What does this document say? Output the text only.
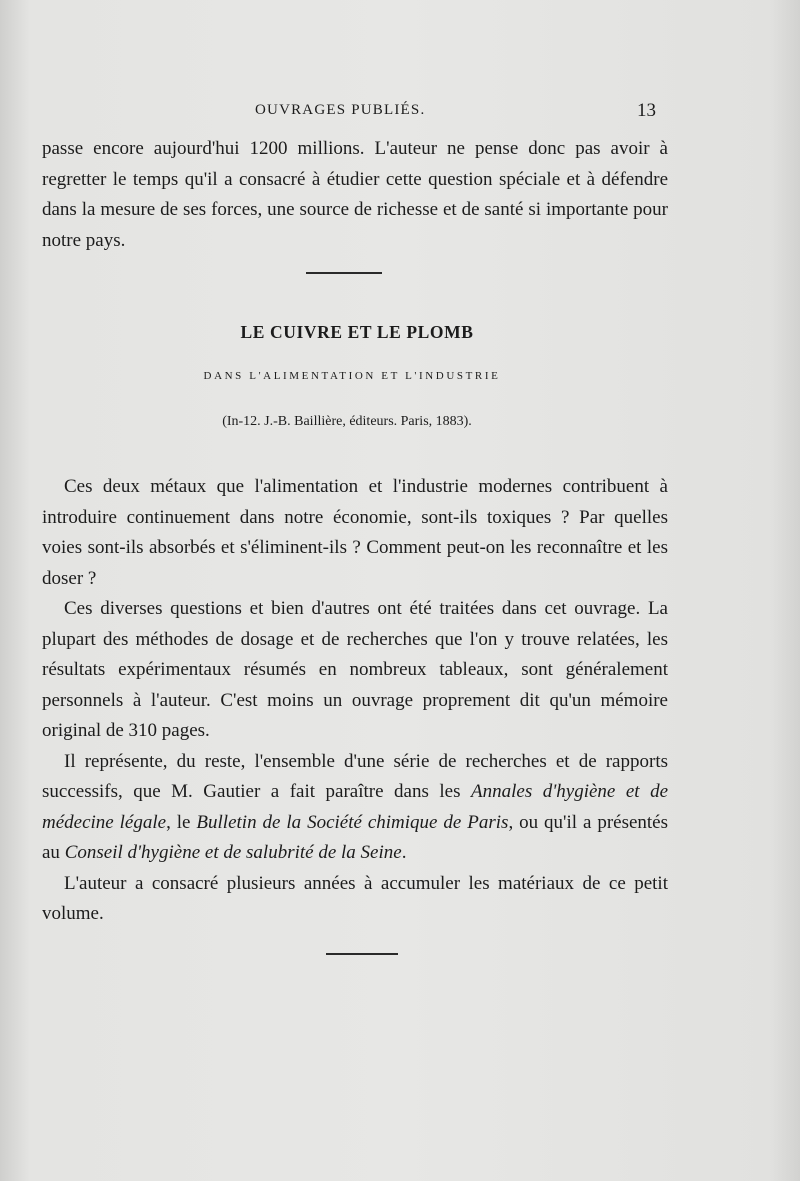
OUVRAGES PUBLIÉS.	13

passe encore aujourd'hui 1200 millions. L'auteur ne pense donc pas avoir à regretter le temps qu'il a consacré à étudier cette question spéciale et à défendre dans la mesure de ses forces, une source de richesse et de santé si importante pour notre pays.

LE CUIVRE ET LE PLOMB
DANS L'ALIMENTATION ET L'INDUSTRIE
(In-12. J.-B. Baillière, éditeurs. Paris, 1883).

Ces deux métaux que l'alimentation et l'industrie modernes contribuent à introduire continuement dans notre économie, sont-ils toxiques ? Par quelles voies sont-ils absorbés et s'éliminent-ils ? Comment peut-on les reconnaître et les doser ?

Ces diverses questions et bien d'autres ont été traitées dans cet ouvrage. La plupart des méthodes de dosage et de recherches que l'on y trouve relatées, les résultats expérimentaux résumés en nombreux tableaux, sont généralement personnels à l'auteur. C'est moins un ouvrage proprement dit qu'un mémoire original de 310 pages.

Il représente, du reste, l'ensemble d'une série de recherches et de rapports successifs, que M. Gautier a fait paraître dans les Annales d'hygiène et de médecine légale, le Bulletin de la Société chimique de Paris, ou qu'il a présentés au Conseil d'hygiène et de salubrité de la Seine.

L'auteur a consacré plusieurs années à accumuler les matériaux de ce petit volume.
